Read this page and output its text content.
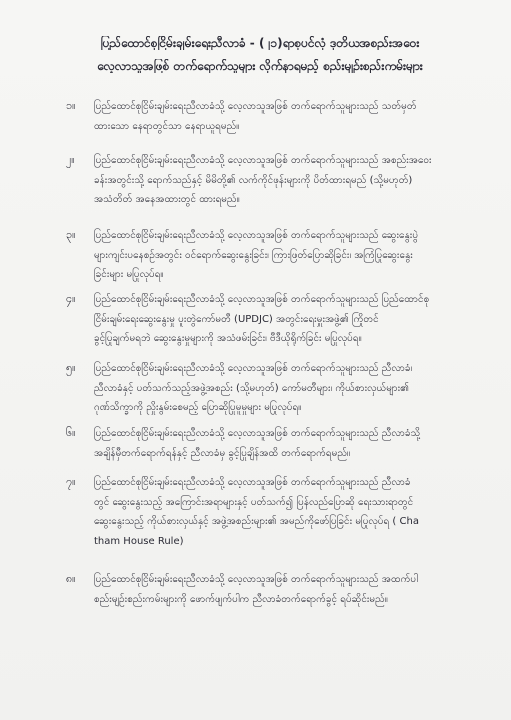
ပြည်ထောင်စုငြိမ်းချမ်းရေးညီလာခံ - (၂၁)ရာစုပင်လုံ ဒုတိယအစည်းအဝေး
လေ့လာသူအဖြစ် တက်ရောက်သူများ လိုက်နာရမည့် စည်းမျဉ်းစည်းကမ်းများ
၁။ ပြည်ထောင်စုငြိမ်းချမ်းရေးညီလာခံသို့ လေ့လာသူအဖြစ် တက်ရောက်သူများသည် သတ်မှတ်
ထားသော နေရာတွင်သာ နေရာယူရမည်။
၂။ ပြည်ထောင်စုငြိမ်းချမ်းရေးညီလာခံသို့ လေ့လာသူအဖြစ် တက်ရောက်သူများသည် အစည်းအဝေး
ခန်းအတွင်းသို့ ရောက်သည်နှင့် မိမိတို့၏ လက်ကိုင်ဖုန်းများကို ပိတ်ထားရမည် (သို့မဟုတ်)
အသံတိတ် အနေအထားတွင် ထားရမည်။
၃။ ပြည်ထောင်စုငြိမ်းချမ်းရေးညီလာခံသို့ လေ့လာသူအဖြစ် တက်ရောက်သူများသည် ဆွေးနွေးပွဲ
များကျင်းပနေစဉ်အတွင်း ဝင်ရောက်ဆွေးနွေးခြင်း၊ ကြားဖြတ်ပြောဆိုခြင်း၊ အကြံပြုဆွေးနွေး
ခြင်းများ မပြုလုပ်ရ။
၄။ ပြည်ထောင်စုငြိမ်းချမ်းရေးညီလာခံသို့ လေ့လာသူအဖြစ် တက်ရောက်သူများသည် ပြည်ထောင်စု
ငြိမ်းချမ်းရေးဆွေးနွေးမှု ပူးတွဲကော်မတီ (UPDJC) အတွင်းရေးမှူးအဖွဲ့၏ ကြိုတင်
ခွင့်ပြုချက်မရဘဲ ဆွေးနွေးမှုများကို အသံဖမ်းခြင်း၊ ဗီဒီယိုရိုက်ခြင်း မပြုလုပ်ရ။
၅။ ပြည်ထောင်စုငြိမ်းချမ်းရေးညီလာခံသို့ လေ့လာသူအဖြစ် တက်ရောက်သူများသည် ညီလာခံ၊
ညီလာခံနှင့် ပတ်သက်သည့်အဖွဲ့အစည်း (သို့မဟုတ်) ကော်မတီများ၊ ကိုယ်စားလှယ်များ၏
ဂုဏ်သိက္ခာကို ညှိုးနွမ်းစေမည့် ပြောဆိုပြုမူမှုများ မပြုလုပ်ရ။
၆။ ပြည်ထောင်စုငြိမ်းချမ်းရေးညီလာခံသို့ လေ့လာသူအဖြစ် တက်ရောက်သူများသည် ညီလာခံသို့
အချိန်မှီတက်ရောက်ရန်နှင့် ညီလာခံမှ ခွင့်ပြုချိန်အထိ တက်ရောက်ရမည်။
၇။ ပြည်ထောင်စုငြိမ်းချမ်းရေးညီလာခံသို့ လေ့လာသူအဖြစ် တက်ရောက်သူများသည် ညီလာခံ
တွင် ဆွေးနွေးသည့် အကြောင်းအရာများနှင့် ပတ်သက်၍ ပြန်လည်ပြောဆို ရေးသားရာတွင်
ဆွေးနွေးသည့် ကိုယ်စားလှယ်နှင့် အဖွဲ့အစည်းများ၏ အမည်ကိုဖော်ပြခြင်း မပြုလုပ်ရ ( Cha
tham House Rule)
၈။ ပြည်ထောင်စုငြိမ်းချမ်းရေးညီလာခံသို့ လေ့လာသူအဖြစ် တက်ရောက်သူများသည် အထက်ပါ
စည်းမျဉ်းစည်းကမ်းများကို ဖောက်ဖျက်ပါက ညီလာခံတက်ရောက်ခွင့် ရပ်ဆိုင်းမည်။
